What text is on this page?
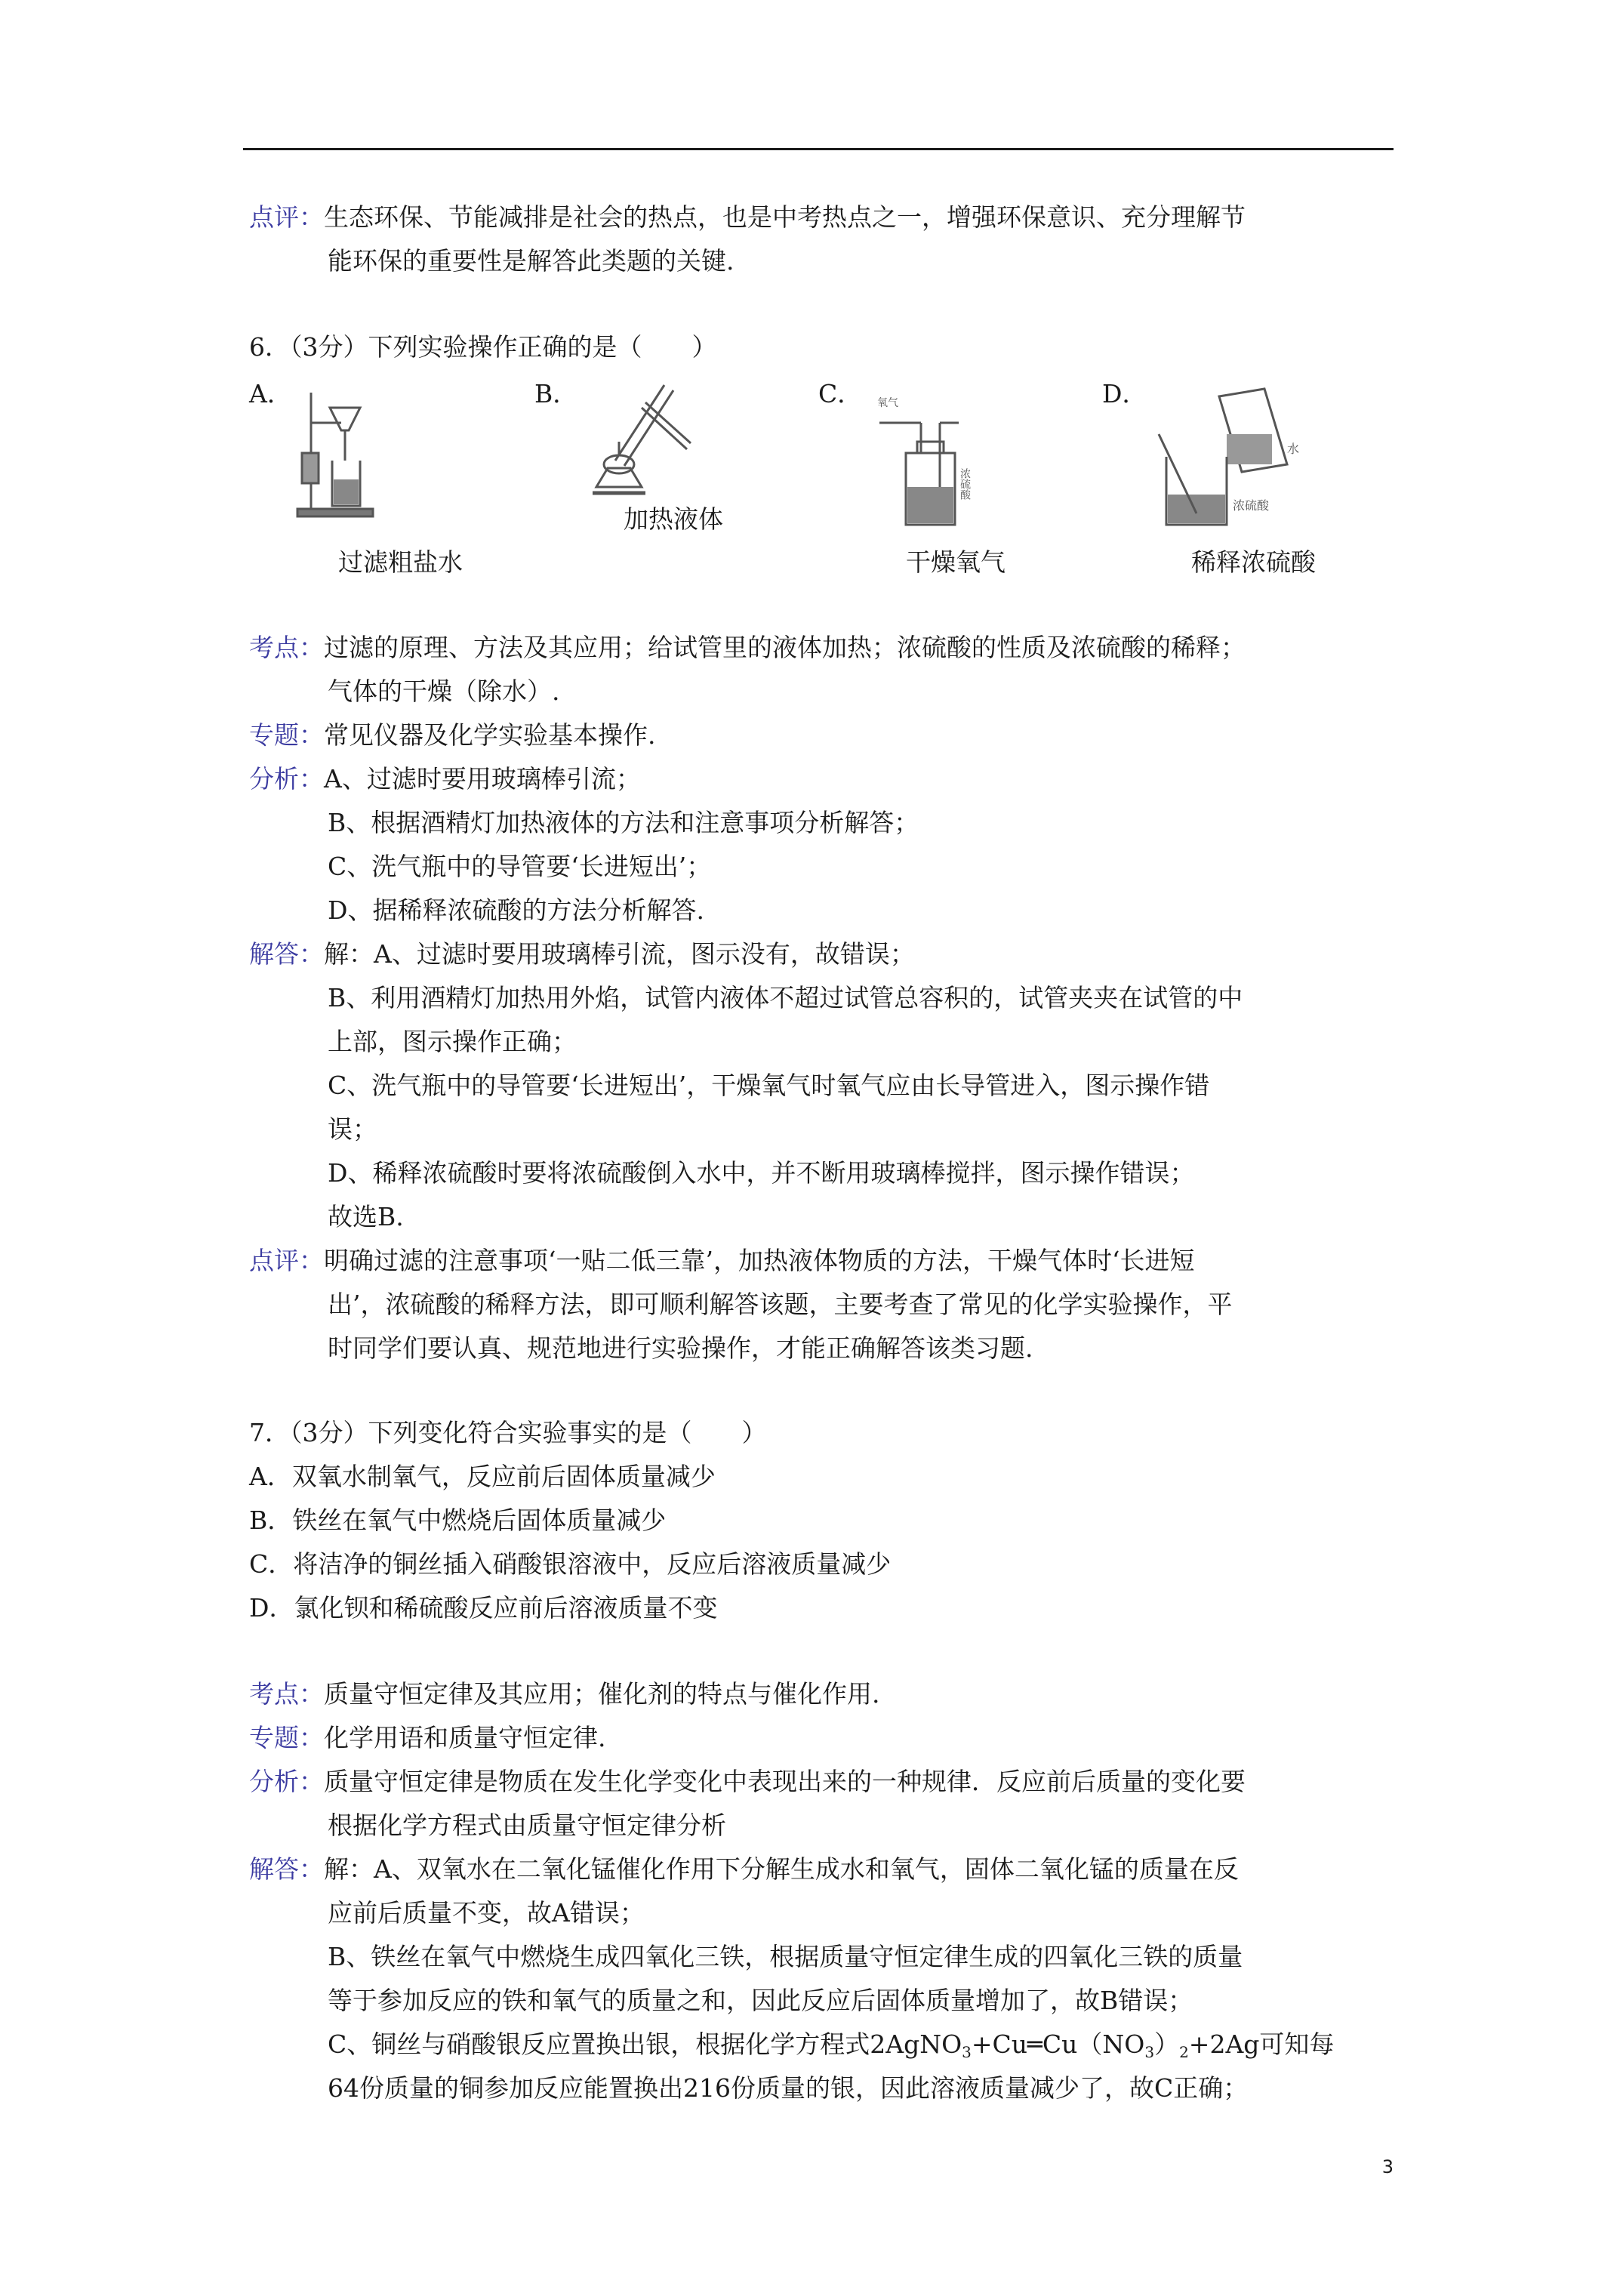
点评：生态环保、节能减排是社会的热点，也是中考热点之一，增强环保意识、充分理解节
能环保的重要性是解答此类题的关键.
6．（3分）下列实验操作正确的是（　　）
A．	B．	C．	D．
氧气
浓硫酸
水
浓硫酸
过滤粗盐水
加热液体
干燥氧气	稀释浓硫酸
考点：过滤的原理、方法及其应用；给试管里的液体加热；浓硫酸的性质及浓硫酸的稀释；
气体的干燥（除水）.
专题：常见仪器及化学实验基本操作.
分析：A、过滤时要用玻璃棒引流；
B、根据酒精灯加热液体的方法和注意事项分析解答；
C、洗气瓶中的导管要‘长进短出’；
D、据稀释浓硫酸的方法分析解答.
解答：解：A、过滤时要用玻璃棒引流，图示没有，故错误；
B、利用酒精灯加热用外焰，试管内液体不超过试管总容积的，试管夹夹在试管的中
上部，图示操作正确；
C、洗气瓶中的导管要‘长进短出’，干燥氧气时氧气应由长导管进入，图示操作错
误；
D、稀释浓硫酸时要将浓硫酸倒入水中，并不断用玻璃棒搅拌，图示操作错误；
故选B.
点评：明确过滤的注意事项‘一贴二低三靠’，加热液体物质的方法，干燥气体时‘长进短
出’，浓硫酸的稀释方法，即可顺利解答该题，主要考查了常见的化学实验操作，平
时同学们要认真、规范地进行实验操作，才能正确解答该类习题.
7．（3分）下列变化符合实验事实的是（　　）
A．双氧水制氧气，反应前后固体质量减少
B．铁丝在氧气中燃烧后固体质量减少
C．将洁净的铜丝插入硝酸银溶液中，反应后溶液质量减少
D．氯化钡和稀硫酸反应前后溶液质量不变
考点：质量守恒定律及其应用；催化剂的特点与催化作用.
专题：化学用语和质量守恒定律.
分析：质量守恒定律是物质在发生化学变化中表现出来的一种规律．反应前后质量的变化要
根据化学方程式由质量守恒定律分析
解答：解：A、双氧水在二氧化锰催化作用下分解生成水和氧气，固体二氧化锰的质量在反
应前后质量不变，故A错误；
B、铁丝在氧气中燃烧生成四氧化三铁，根据质量守恒定律生成的四氧化三铁的质量
等于参加反应的铁和氧气的质量之和，因此反应后固体质量增加了，故B错误；
C、铜丝与硝酸银反应置换出银，根据化学方程式$2AgNO_3+Cu═Cu(NO_3)_2+2Ag$可知每
64份质量的铜参加反应能置换出216份质量的银，因此溶液质量减少了，故C正确；
3
